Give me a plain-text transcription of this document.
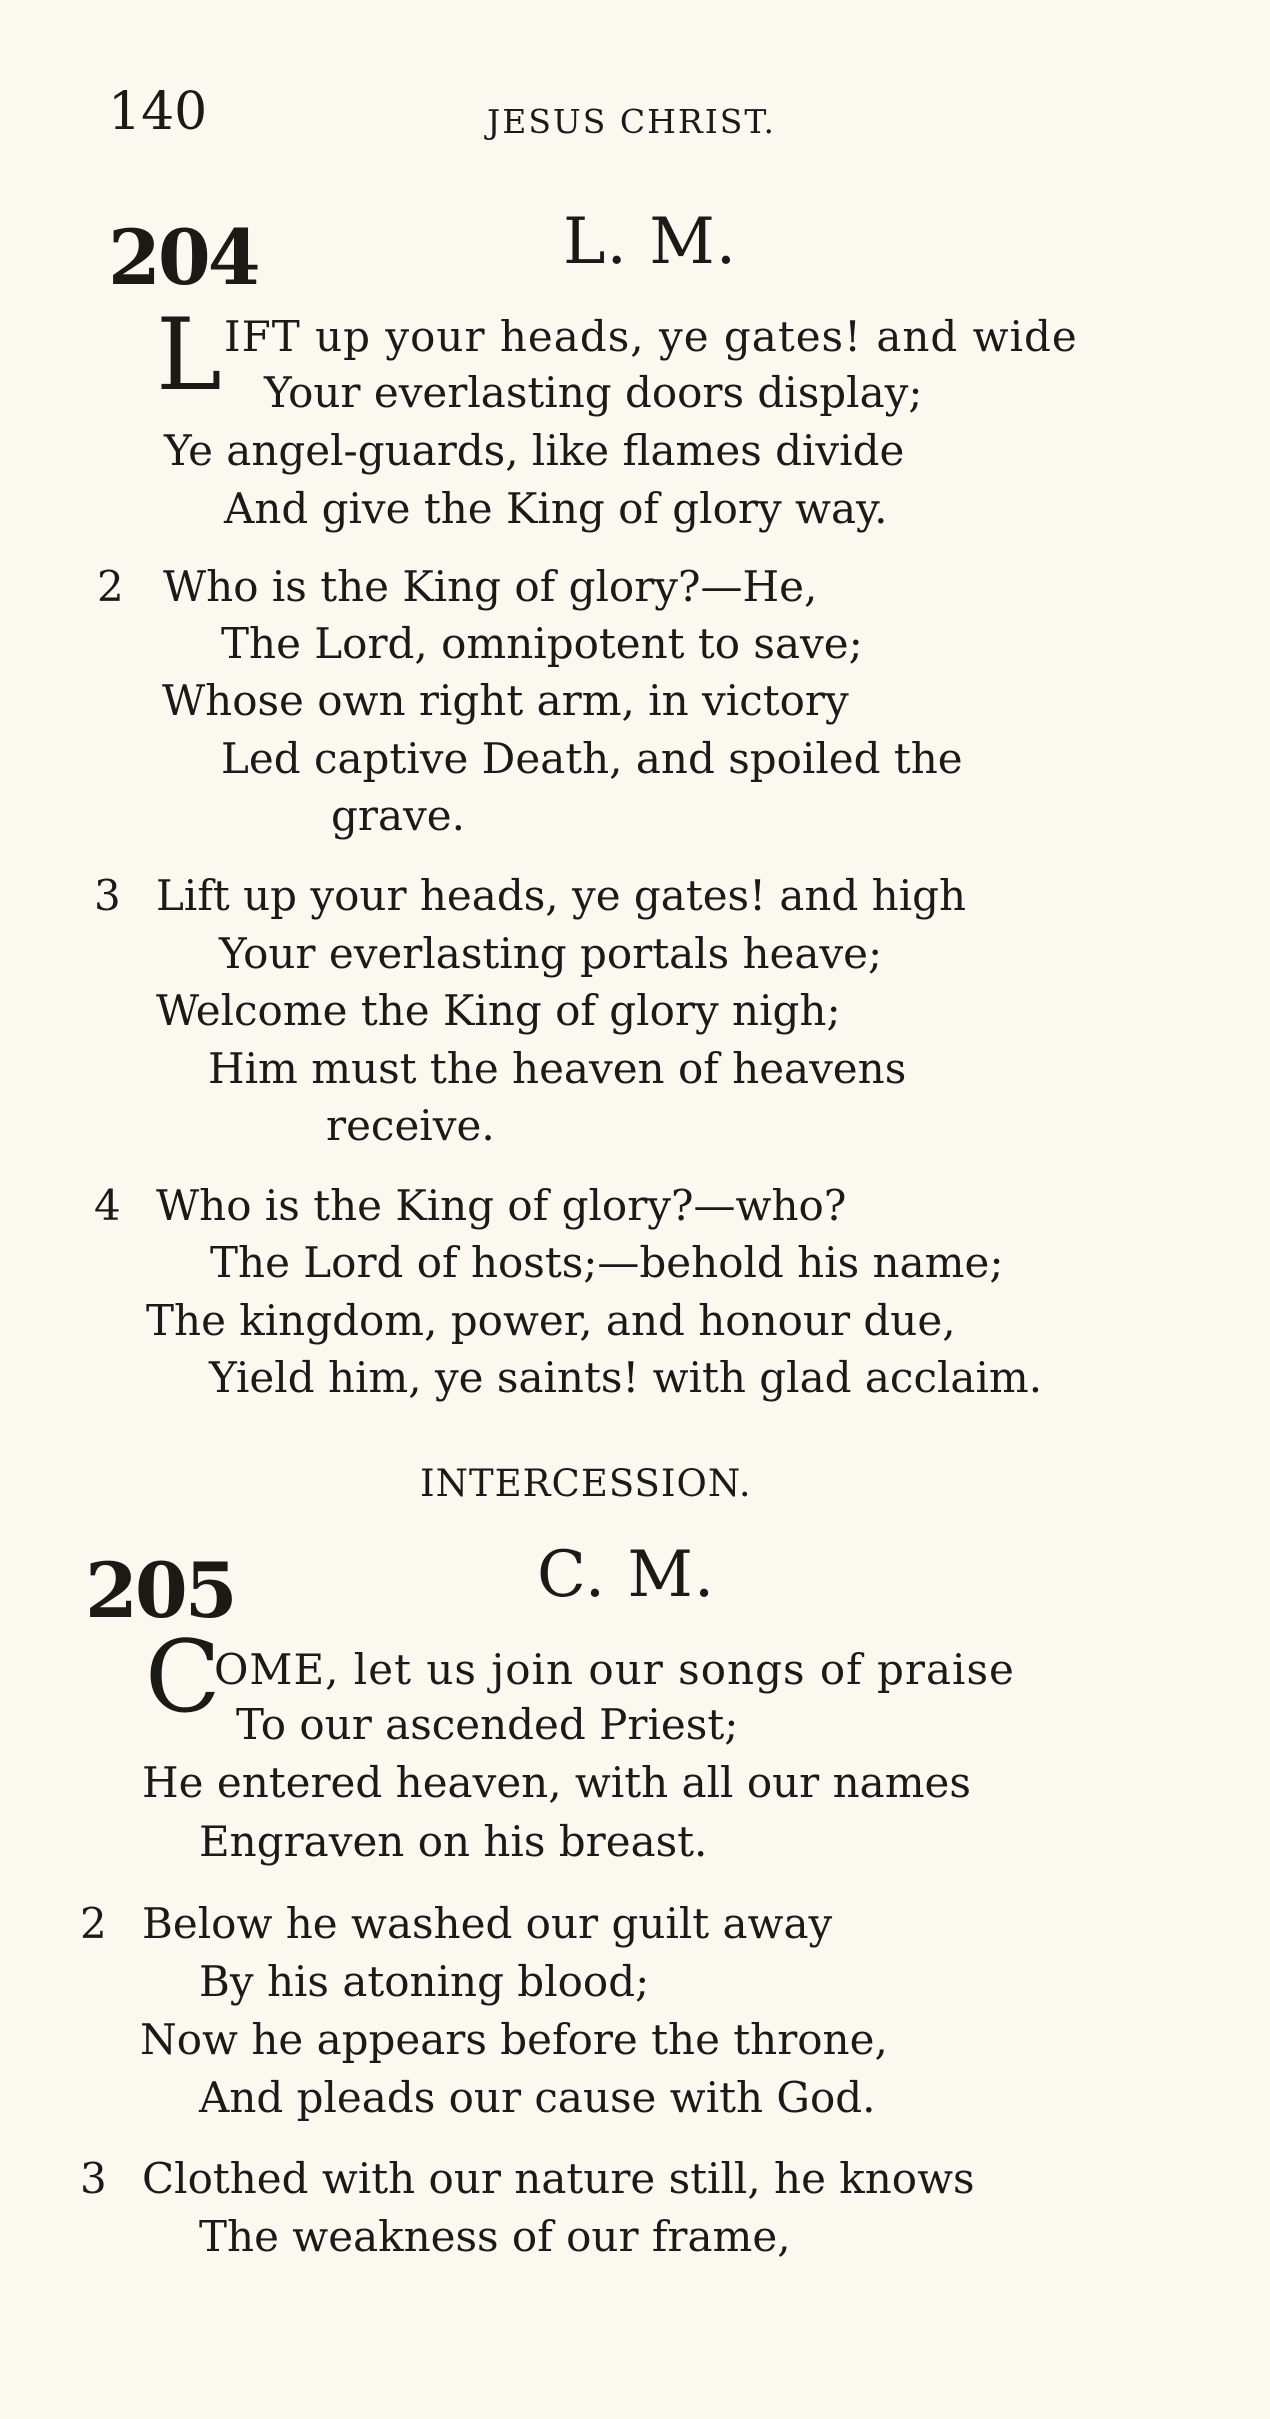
140	JESUS CHRIST.
204	L. M.
L IFT up your heads, ye gates! and wide
Your everlasting doors display;
Ye angel-guards, like flames divide
And give the King of glory way.
2 Who is the King of glory?—He,
The Lord, omnipotent to save;
Whose own right arm, in victory
Led captive Death, and spoiled the
grave.
3 Lift up your heads, ye gates! and high
Your everlasting portals heave;
Welcome the King of glory nigh;
Him must the heaven of heavens
receive.
4 Who is the King of glory?—who?
The Lord of hosts;—behold his name;
The kingdom, power, and honour due,
Yield him, ye saints! with glad acclaim.
INTERCESSION.
205	C. M.
C
OME, let us join our songs of praise
To our ascended Priest;
He entered heaven, with all our names
Engraven on his breast.
2 Below he washed our guilt away
By his atoning blood;
Now he appears before the throne,
And pleads our cause with God.
3 Clothed with our nature still, he knows
The weakness of our frame,
